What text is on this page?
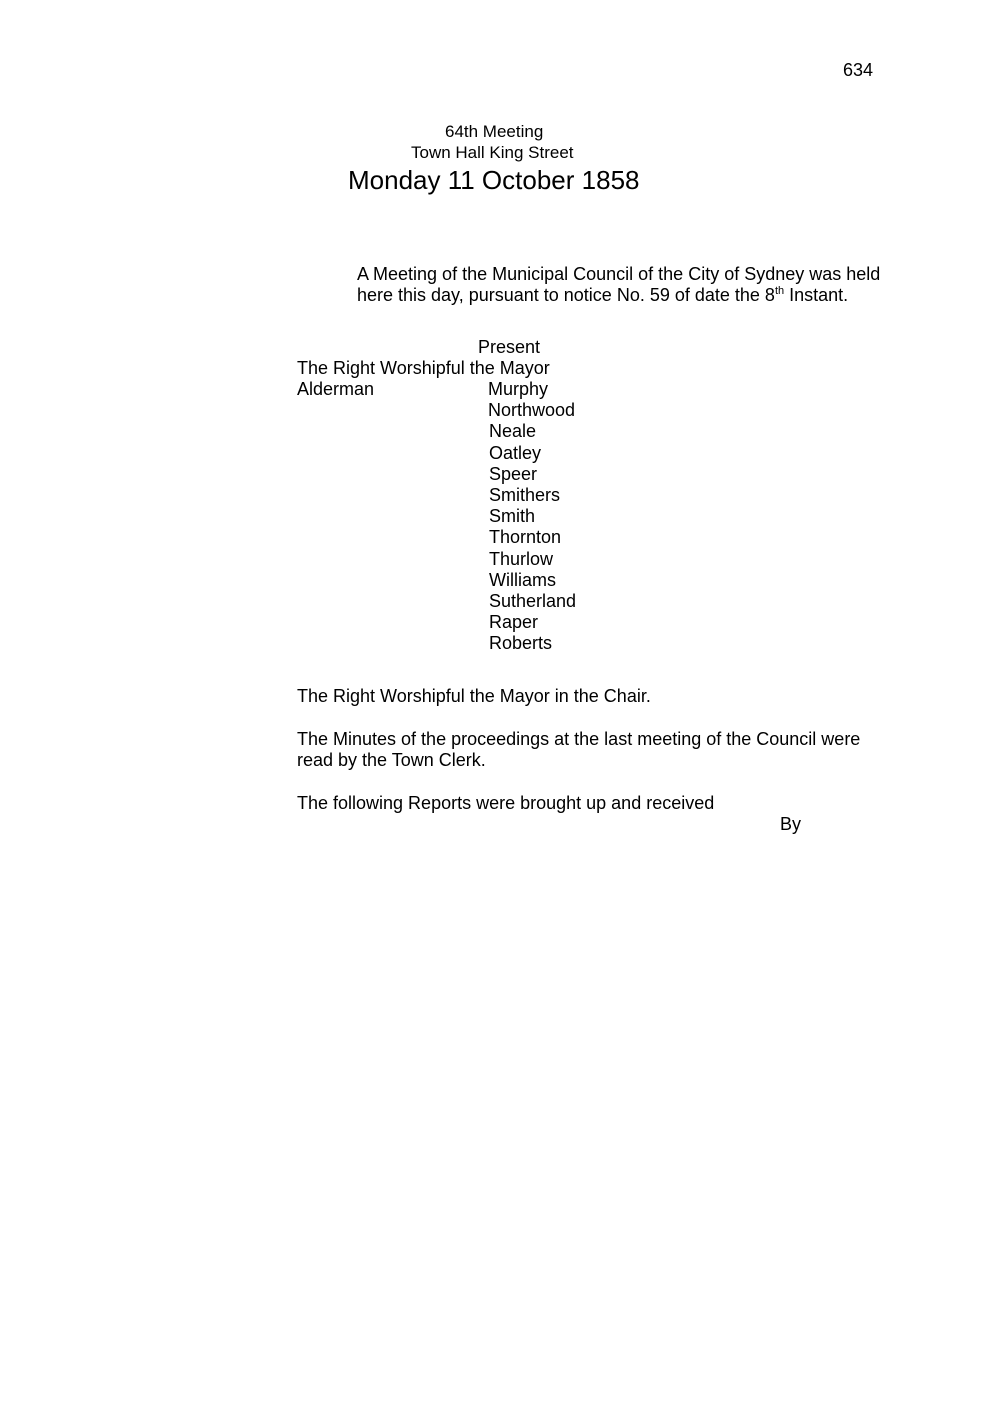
634
64th Meeting
Town Hall King Street
Monday 11 October 1858
A Meeting of the Municipal Council of the City of Sydney was held
here this day, pursuant to notice No. 59 of date the 8th Instant.
Present
The Right Worshipful the Mayor
Alderman	Murphy
Northwood
Neale
Oatley
Speer
Smithers
Smith
Thornton
Thurlow
Williams
Sutherland
Raper
Roberts
The Right Worshipful the Mayor in the Chair.
The Minutes of the proceedings at the last meeting of the Council were
read by the Town Clerk.
The following Reports were brought up and received
By
